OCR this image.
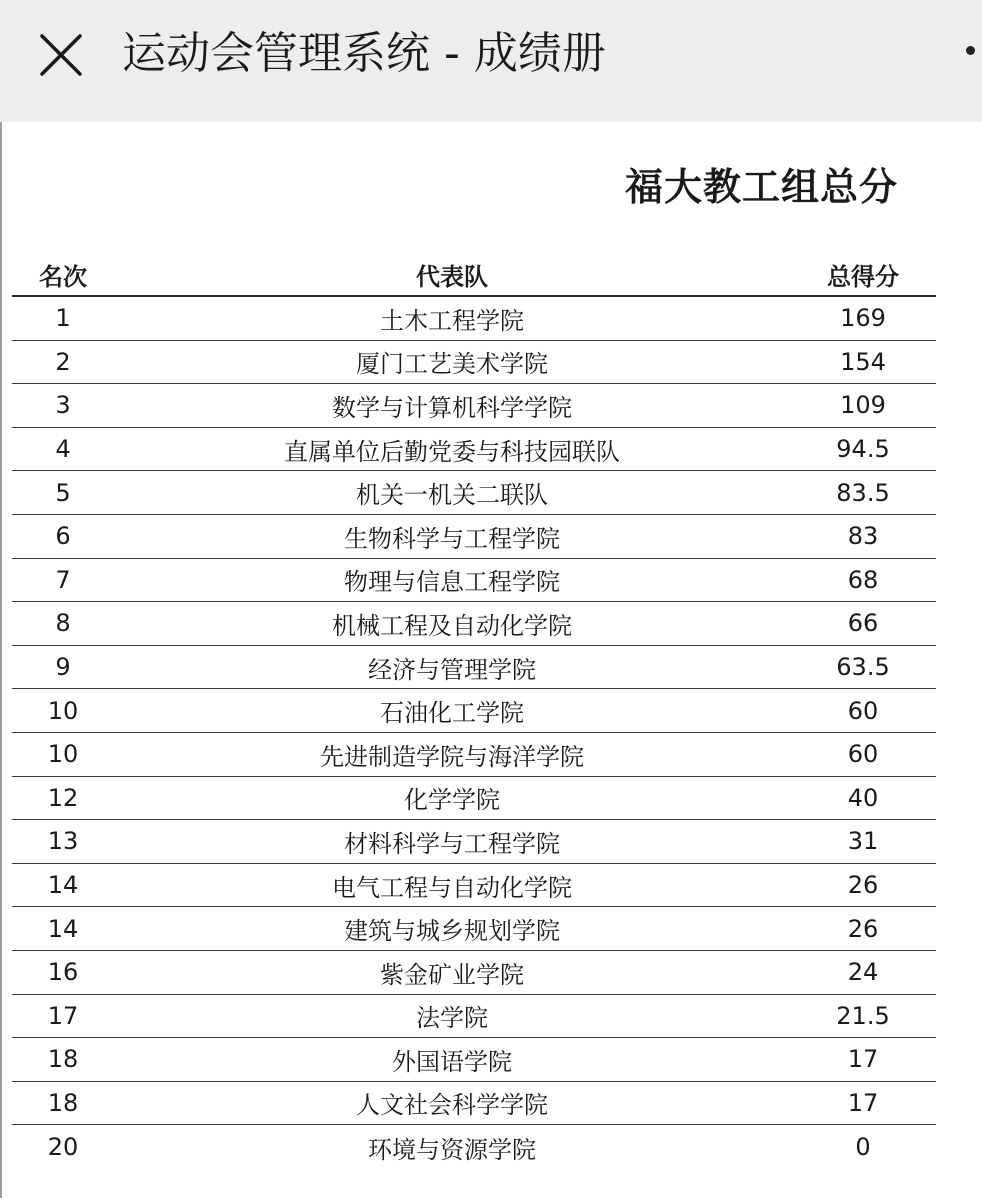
运动会管理系统 - 成绩册
福大教工组总分
名次	代表队	总得分
1	土木工程学院	169
2	厦门工艺美术学院	154
3	数学与计算机科学学院	109
4	直属单位后勤党委与科技园联队	94.5
5	机关一机关二联队	83.5
6	生物科学与工程学院	83
7	物理与信息工程学院	68
8	机械工程及自动化学院	66
9	经济与管理学院	63.5
10	石油化工学院	60
10	先进制造学院与海洋学院	60
12	化学学院	40
13	材料科学与工程学院	31
14	电气工程与自动化学院	26
14	建筑与城乡规划学院	26
16	紫金矿业学院	24
17	法学院	21.5
18	外国语学院	17
18	人文社会科学学院	17
20	环境与资源学院	0
